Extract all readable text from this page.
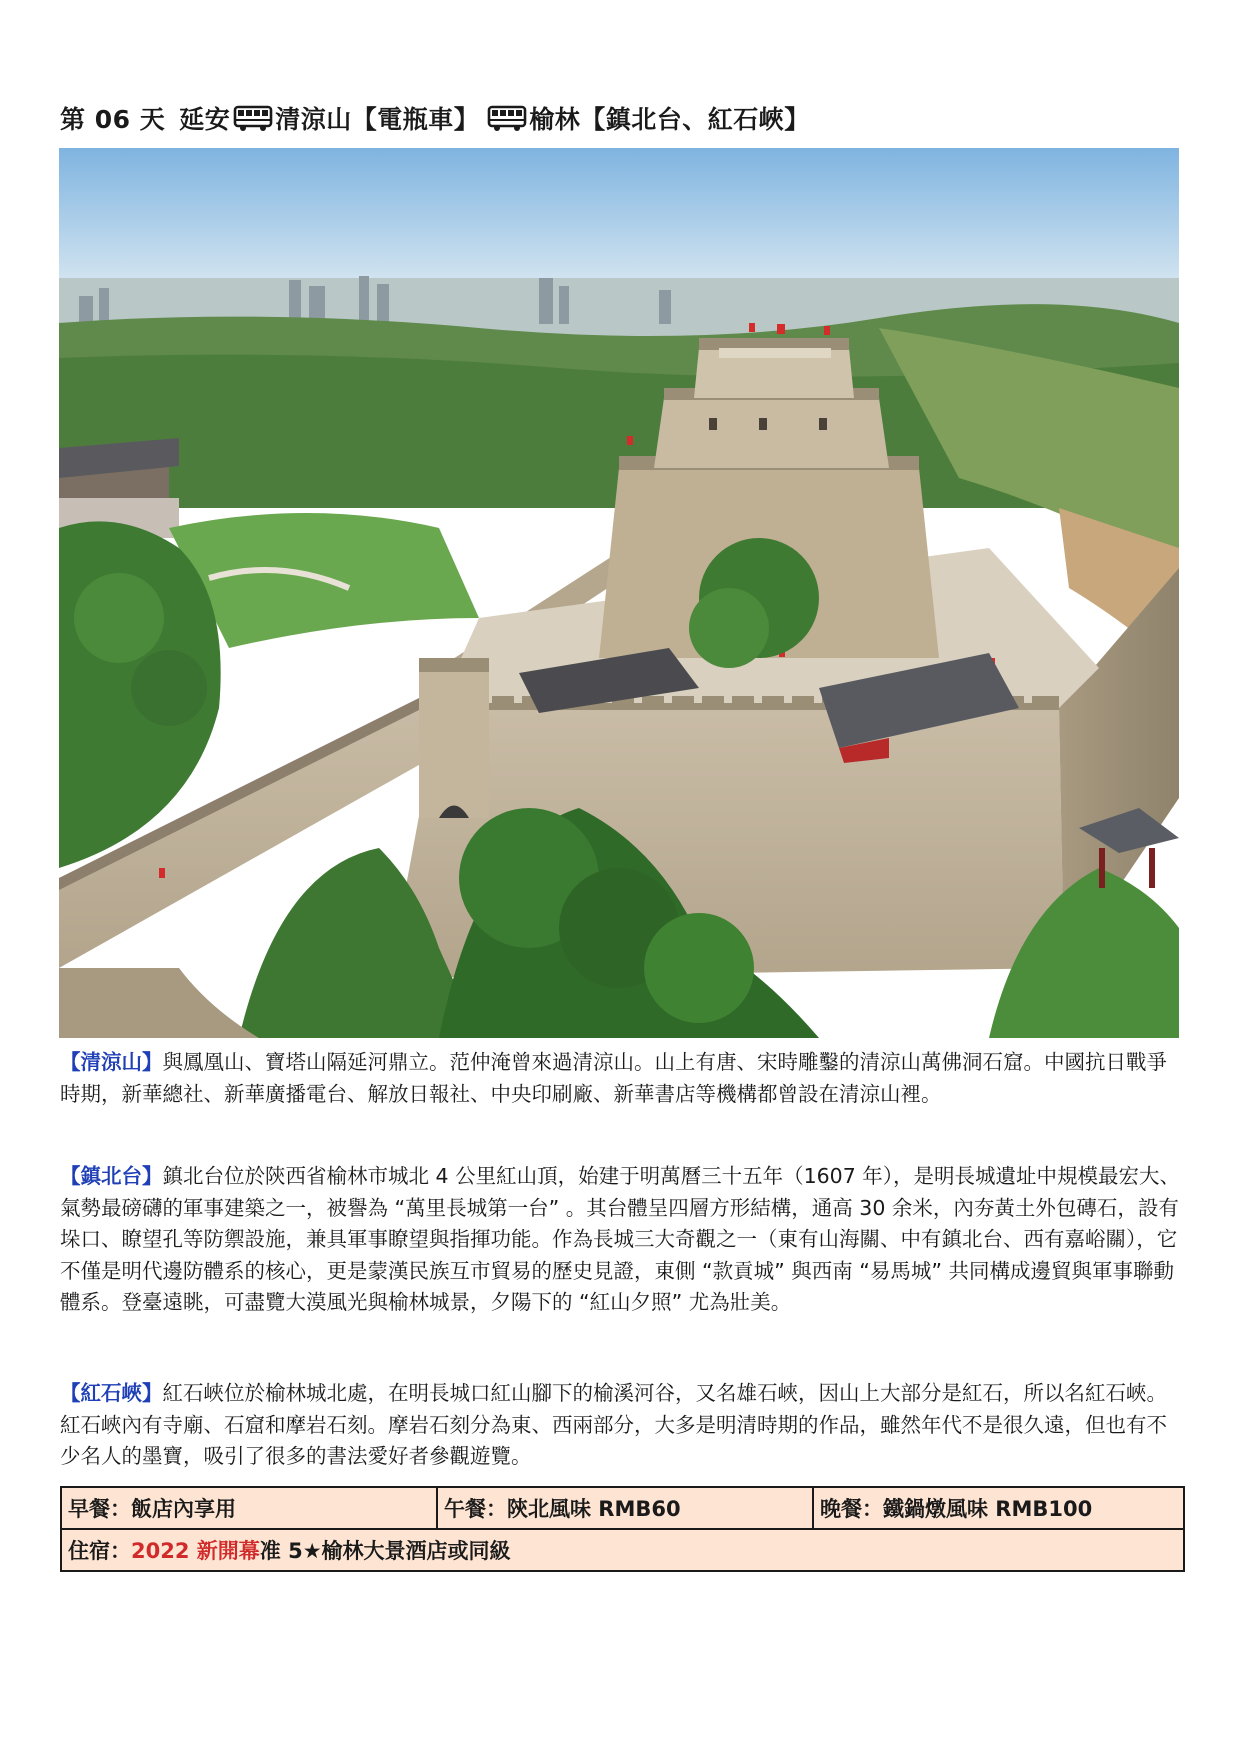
第 06 天 延安 清涼山【電瓶車】 榆林【鎮北台、紅石峽】
【清涼山】與鳳凰山、寶塔山隔延河鼎立。范仲淹曾來過清涼山。山上有唐、宋時雕鑿的清涼山萬佛洞石窟。中國抗日戰爭時期，新華總社、新華廣播電台、解放日報社、中央印刷廠、新華書店等機構都曾設在清涼山裡。
【鎮北台】鎮北台位於陝西省榆林市城北 4 公里紅山頂，始建于明萬曆三十五年（1607 年），是明長城遺址中規模最宏大、氣勢最磅礴的軍事建築之一，被譽為 “萬里長城第一台” 。其台體呈四層方形結構，通高 30 余米，內夯黃土外包磚石，設有垛口、瞭望孔等防禦設施，兼具軍事瞭望與指揮功能。作為長城三大奇觀之一（東有山海關、中有鎮北台、西有嘉峪關），它不僅是明代邊防體系的核心，更是蒙漢民族互市貿易的歷史見證，東側 “款貢城” 與西南 “易馬城” 共同構成邊貿與軍事聯動體系。登臺遠眺，可盡覽大漠風光與榆林城景，夕陽下的 “紅山夕照” 尤為壯美。
【紅石峽】紅石峽位於榆林城北處，在明長城口紅山腳下的榆溪河谷，又名雄石峽，因山上大部分是紅石，所以名紅石峽。紅石峽內有寺廟、石窟和摩岩石刻。摩岩石刻分為東、西兩部分，大多是明清時期的作品，雖然年代不是很久遠，但也有不少名人的墨寶，吸引了很多的書法愛好者參觀遊覽。
早餐：飯店內享用	午餐：陝北風味 RMB60	晚餐：鐵鍋燉風味 RMB100
住宿：2022 新開幕准 5★榆林大景酒店或同級
